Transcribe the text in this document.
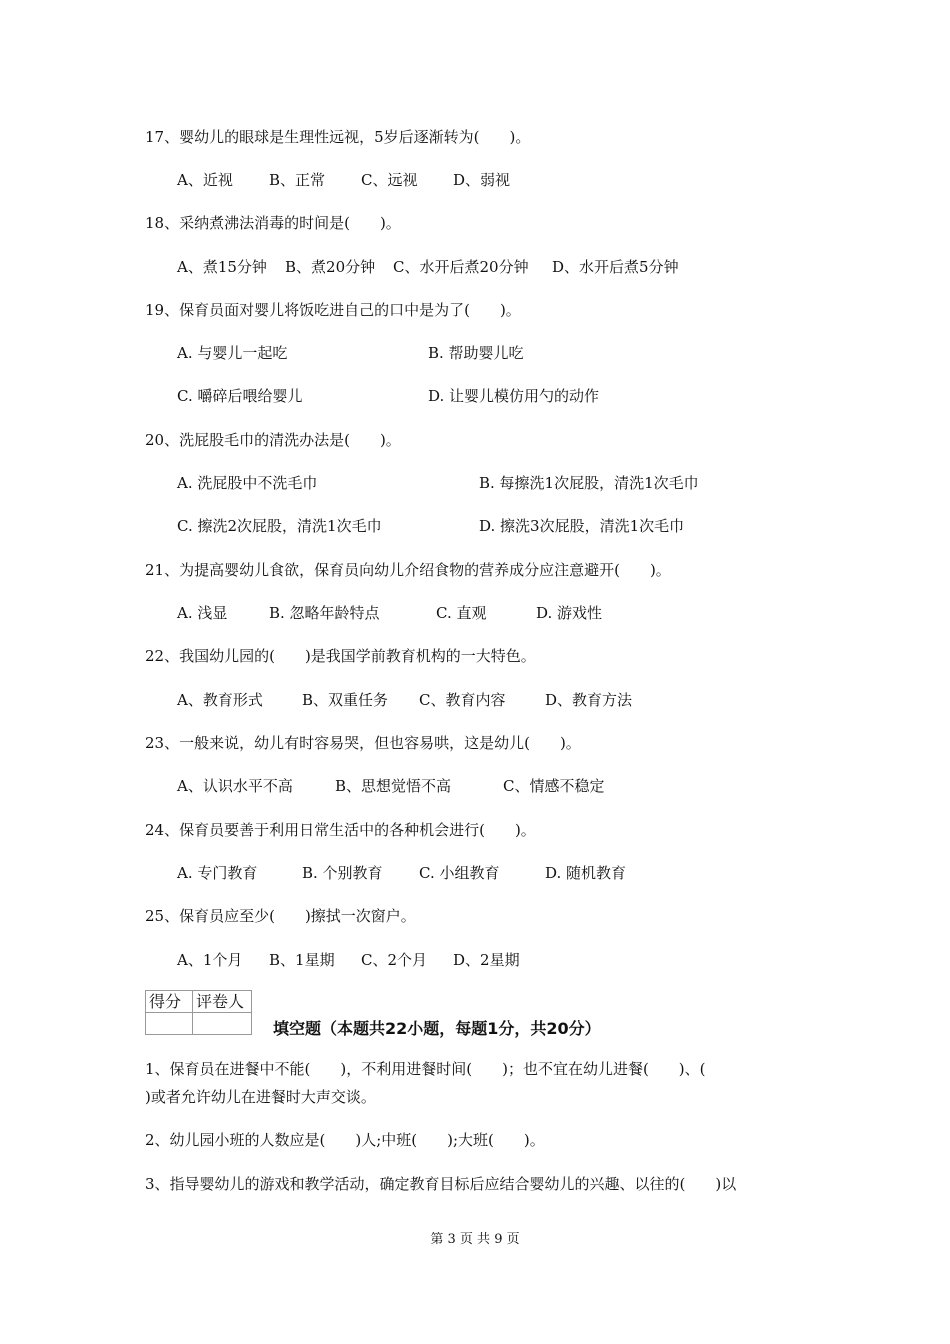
17、婴幼儿的眼球是生理性远视，5岁后逐渐转为(　　)。
A、近视 B、正常 C、远视 D、弱视
18、采纳煮沸法消毒的时间是(　　)。
A、煮15分钟 B、煮20分钟 C、水开后煮20分钟 D、水开后煮5分钟
19、保育员面对婴儿将饭吃进自己的口中是为了(　　)。
A. 与婴儿一起吃	B. 帮助婴儿吃
C. 嚼碎后喂给婴儿	D. 让婴儿模仿用勺的动作
20、洗屁股毛巾的清洗办法是(　　)。
A. 洗屁股中不洗毛巾	B. 每擦洗1次屁股，清洗1次毛巾
C. 擦洗2次屁股，清洗1次毛巾	D. 擦洗3次屁股，清洗1次毛巾
21、为提高婴幼儿食欲，保育员向幼儿介绍食物的营养成分应注意避开(　　)。
A. 浅显	B. 忽略年龄特点	C. 直观	D. 游戏性
22、我国幼儿园的(　　)是我国学前教育机构的一大特色。
A、教育形式	B、双重任务 C、教育内容	D、教育方法
23、一般来说，幼儿有时容易哭，但也容易哄，这是幼儿(　　)。
A、认识水平不高	B、思想觉悟不高	C、情感不稳定
24、保育员要善于利用日常生活中的各种机会进行(　　)。
A. 专门教育	B. 个别教育 C. 小组教育	D. 随机教育
25、保育员应至少(　　)擦拭一次窗户。
A、1个月 B、1星期 C、2个月 D、2星期
得分	评卷人

填空题（本题共22小题，每题1分，共20分）
1、保育员在进餐中不能(　　)，不利用进餐时间(　　)；也不宜在幼儿进餐(　　)、(
)或者允许幼儿在进餐时大声交谈。
2、幼儿园小班的人数应是(　　)人;中班(　　);大班(　　)。
3、指导婴幼儿的游戏和教学活动，确定教育目标后应结合婴幼儿的兴趣、以往的(　　)以
第 3 页 共 9 页
